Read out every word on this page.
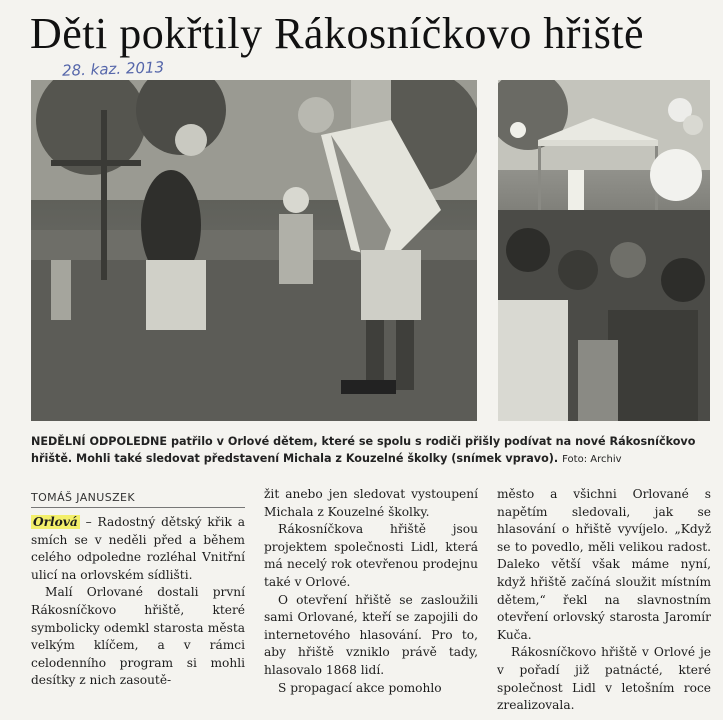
Děti pokřtily Rákosníčkovo hřiště
28. kaz. 2013
NEDĚLNÍ ODPOLEDNE patřilo v Orlové dětem, které se spolu s rodiči přišly podívat na nové Rákosníčkovo hřiště. Mohli také sledovat představení Michala z Kouzelné školky (snímek vpravo). Foto: Archiv
TOMÁŠ JANUSZEK

Orlová – Radostný dětský křik a smích se v neděli před a během celého odpoledne rozléhal Vnitřní ulicí na orlovském sídlišti.

Malí Orlované dostali první Rákosníčkovo hřiště, které symbolicky odemkl starosta města velkým klíčem, a v rámci celodenního program si mohli desítky z nich zasoutě-

žit anebo jen sledovat vystoupení Michala z Kouzelné školky.

Rákosníčkova hřiště jsou projektem společnosti Lidl, která má necelý rok otevřenou prodejnu také v Orlové.

O otevření hřiště se zasloužili sami Orlované, kteří se zapojili do internetového hlasování. Pro to, aby hřiště vzniklo právě tady, hlasovalo 1868 lidí.

S propagací akce pomohlo

město a všichni Orlované s napětím sledovali, jak se hlasování o hřiště vyvíjelo. „Když se to povedlo, měli velikou radost. Daleko větší však máme nyní, když hřiště začíná sloužit místním dětem,“ řekl na slavnostním otevření orlovský starosta Jaromír Kuča.

Rákosníčkovo hřiště v Orlové je v pořadí již patnácté, které společnost Lidl v letošním roce zrealizovala.
